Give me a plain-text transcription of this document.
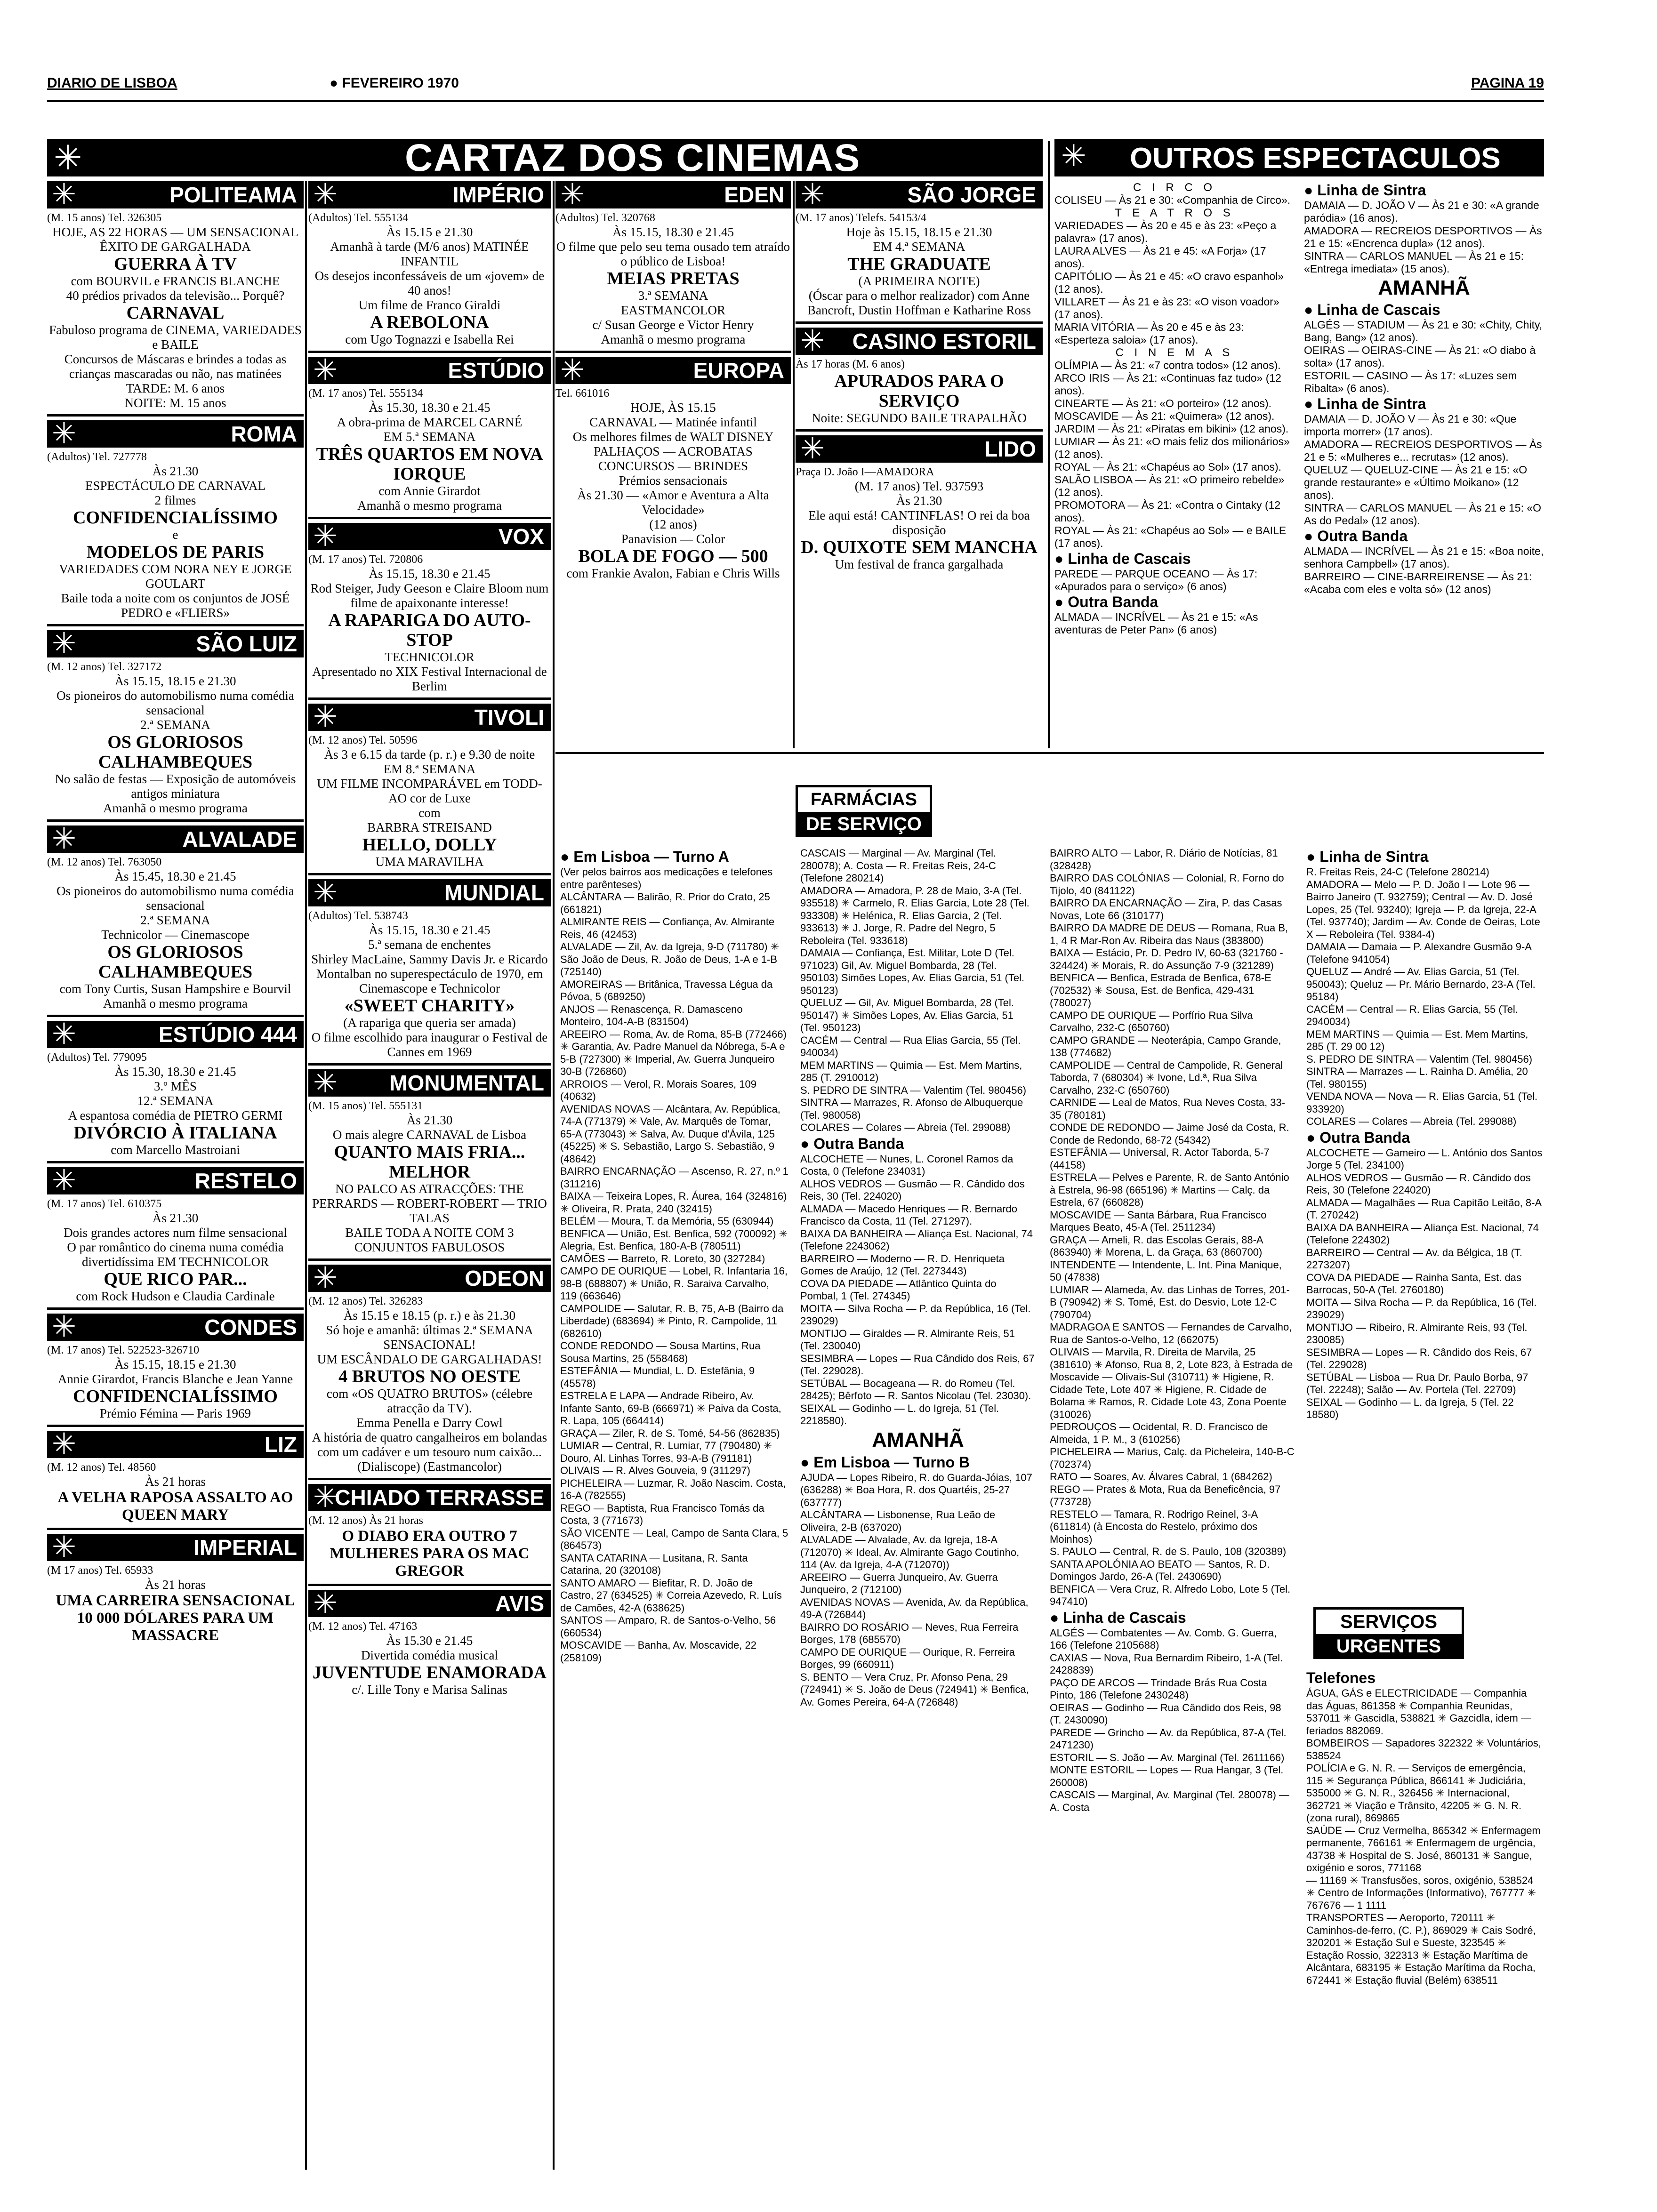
DIARIO DE LISBOA	● FEVEREIRO 1970	PAGINA 19
✳	CARTAZ DOS CINEMAS	✳ OUTROS ESPECTACULOS
✳	POLITEAMA
(M. 15 anos) Tel. 326305
HOJE, AS 22 HORAS — UM SENSACIONAL ÊXITO DE GARGALHADA
GUERRA À TV
com BOURVIL e FRANCIS BLANCHE
40 prédios privados da televisão... Porquê?
CARNAVAL
Fabuloso programa de CINEMA, VARIEDADES e BAILE
Concursos de Máscaras e brindes a todas as crianças mascaradas ou não, nas matinées
TARDE: M. 6 anos
NOITE: M. 15 anos
✳	ROMA
(Adultos) Tel. 727778
Às 21.30
ESPECTÁCULO DE CARNAVAL
2 filmes
CONFIDENCIALÍSSIMO
e
MODELOS DE PARIS
VARIEDADES COM NORA NEY E JORGE GOULART
Baile toda a noite com os conjuntos de JOSÉ PEDRO e «FLIERS»
✳	SÃO LUIZ
(M. 12 anos) Tel. 327172
Às 15.15, 18.15 e 21.30
Os pioneiros do automobilismo numa comédia sensacional
2.ª SEMANA
OS GLORIOSOS CALHAMBEQUES
No salão de festas — Exposição de automóveis antigos miniatura
Amanhã o mesmo programa
✳	ALVALADE
(M. 12 anos) Tel. 763050
Às 15.45, 18.30 e 21.45
Os pioneiros do automobilismo numa comédia sensacional
2.ª SEMANA
Technicolor — Cinemascope
OS GLORIOSOS CALHAMBEQUES
com Tony Curtis, Susan Hampshire e Bourvil
Amanhã o mesmo programa
✳	ESTÚDIO 444
(Adultos) Tel. 779095
Às 15.30, 18.30 e 21.45
3.º MÊS
12.ª SEMANA
A espantosa comédia de PIETRO GERMI
DIVÓRCIO À ITALIANA
com Marcello Mastroiani
✳	RESTELO
(M. 17 anos) Tel. 610375
Às 21.30
Dois grandes actores num filme sensacional
O par romântico do cinema numa comédia divertidíssima EM TECHNICOLOR
QUE RICO PAR...
com Rock Hudson e Claudia Cardinale
✳	CONDES
(M. 17 anos) Tel. 522523-326710
Às 15.15, 18.15 e 21.30
Annie Girardot, Francis Blanche e Jean Yanne
CONFIDENCIALÍSSIMO
Prémio Fémina — Paris 1969
✳	LIZ
(M. 12 anos) Tel. 48560
Às 21 horas
A VELHA RAPOSA ASSALTO AO QUEEN MARY
✳	IMPERIAL
(M 17 anos) Tel. 65933
Às 21 horas
UMA CARREIRA SENSACIONAL 10 000 DÓLARES PARA UM MASSACRE
✳	IMPÉRIO
(Adultos) Tel. 555134
Às 15.15 e 21.30
Amanhã à tarde (M/6 anos) MATINÉE INFANTIL
Os desejos inconfessáveis de um «jovem» de 40 anos!
Um filme de Franco Giraldi
A REBOLONA
com Ugo Tognazzi e Isabella Rei
✳	ESTÚDIO
(M. 17 anos) Tel. 555134
Às 15.30, 18.30 e 21.45
A obra-prima de MARCEL CARNÉ
EM 5.ª SEMANA
TRÊS QUARTOS EM NOVA IORQUE
com Annie Girardot
Amanhã o mesmo programa
✳	VOX
(M. 17 anos) Tel. 720806
Às 15.15, 18.30 e 21.45
Rod Steiger, Judy Geeson e Claire Bloom num filme de apaixonante interesse!
A RAPARIGA DO AUTO-STOP
TECHNICOLOR
Apresentado no XIX Festival Internacional de Berlim
✳	TIVOLI
(M. 12 anos) Tel. 50596
Às 3 e 6.15 da tarde (p. r.) e 9.30 de noite
EM 8.ª SEMANA
UM FILME INCOMPARÁVEL em TODD-AO cor de Luxe
com
BARBRA STREISAND
HELLO, DOLLY
UMA MARAVILHA
✳	MUNDIAL
(Adultos) Tel. 538743
Às 15.15, 18.30 e 21.45
5.ª semana de enchentes
Shirley MacLaine, Sammy Davis Jr. e Ricardo Montalban no superespectáculo de 1970, em Cinemascope e Technicolor
«SWEET CHARITY»
(A rapariga que queria ser amada)
O filme escolhido para inaugurar o Festival de Cannes em 1969
✳ MONUMENTAL
(M. 15 anos) Tel. 555131
Às 21.30
O mais alegre CARNAVAL de Lisboa
QUANTO MAIS FRIA... MELHOR
NO PALCO AS ATRACÇÕES: THE PERRARDS — ROBERT-ROBERT — TRIO TALAS
BAILE TODA A NOITE COM 3 CONJUNTOS FABULOSOS
✳	ODEON
(M. 12 anos) Tel. 326283
Às 15.15 e 18.15 (p. r.) e às 21.30
Só hoje e amanhã: últimas 2.ª SEMANA SENSACIONAL!
UM ESCÂNDALO DE GARGALHADAS!
4 BRUTOS NO OESTE
com «OS QUATRO BRUTOS» (célebre atracção da TV).
Emma Penella e Darry Cowl
A história de quatro cangalheiros em bolandas com um cadáver e um tesouro num caixão...
(Dialiscope) (Eastmancolor)
✳
CHIADO TERRASSE
(M. 12 anos) Às 21 horas
O DIABO ERA OUTRO 7 MULHERES PARA OS MAC GREGOR
✳	AVIS
(M. 12 anos) Tel. 47163
Às 15.30 e 21.45
Divertida comédia musical
JUVENTUDE ENAMORADA
c/. Lille Tony e Marisa Salinas
✳	EDEN
(Adultos) Tel. 320768
Às 15.15, 18.30 e 21.45
O filme que pelo seu tema ousado tem atraído o público de Lisboa!
MEIAS PRETAS
3.ª SEMANA
EASTMANCOLOR
c/ Susan George e Victor Henry
Amanhã o mesmo programa
✳	EUROPA
Tel. 661016
HOJE, ÀS 15.15
CARNAVAL — Matinée infantil
Os melhores filmes de WALT DISNEY
PALHAÇOS — ACROBATAS CONCURSOS — BRINDES
Prémios sensacionais
Às 21.30 — «Amor e Aventura a Alta Velocidade»
(12 anos)
Panavision — Color
BOLA DE FOGO — 500
com Frankie Avalon, Fabian e Chris Wills
✳	SÃO JORGE
(M. 17 anos) Telefs. 54153/4
Hoje às 15.15, 18.15 e 21.30
EM 4.ª SEMANA
THE GRADUATE
(A PRIMEIRA NOITE)
(Óscar para o melhor realizador) com Anne Bancroft, Dustin Hoffman e Katharine Ross
✳ CASINO ESTORIL
Às 17 horas (M. 6 anos)
APURADOS PARA O SERVIÇO
Noite: SEGUNDO BAILE TRAPALHÃO
✳	LIDO
Praça D. João I—AMADORA
(M. 17 anos) Tel. 937593
Às 21.30
Ele aqui está! CANTINFLAS! O rei da boa disposição
D. QUIXOTE SEM MANCHA
Um festival de franca gargalhada
C I R C O
COLISEU — Às 21 e 30: «Companhia de Circo».
T E A T R O S
VARIEDADES — Às 20 e 45 e às 23: «Peço a palavra» (17 anos).
LAURA ALVES — Às 21 e 45: «A Forja» (17 anos).
CAPITÓLIO — Às 21 e 45: «O cravo espanhol» (12 anos).
VILLARET — Às 21 e às 23: «O vison voador» (17 anos).
MARIA VITÓRIA — Às 20 e 45 e às 23: «Esperteza saloia» (17 anos).
C I N E M A S
OLÍMPIA — Às 21: «7 contra todos» (12 anos).
ARCO IRIS — Às 21: «Continuas faz tudo» (12 anos).
CINEARTE — Às 21: «O porteiro» (12 anos).
MOSCAVIDE — Às 21: «Quimera» (12 anos).
JARDIM — Às 21: «Piratas em bikini» (12 anos).
LUMIAR — Às 21: «O mais feliz dos milionários» (12 anos).
ROYAL — Às 21: «Chapéus ao Sol» (17 anos).
SALÃO LISBOA — Às 21: «O primeiro rebelde» (12 anos).
PROMOTORA — Às 21: «Contra o Cintaky (12 anos).
ROYAL — Às 21: «Chapéus ao Sol» — e BAILE (17 anos).
● Linha de Cascais
PAREDE — PARQUE OCEANO — Às 17: «Apurados para o serviço» (6 anos)
● Outra Banda
ALMADA — INCRÍVEL — Às 21 e 15: «As aventuras de Peter Pan» (6 anos)
● Linha de Sintra
DAMAIA — D. JOÃO V — Às 21 e 30: «A grande paródia» (16 anos).
AMADORA — RECREIOS DESPORTIVOS — Às 21 e 15: «Encrenca dupla» (12 anos).
SINTRA — CARLOS MANUEL — Às 21 e 15: «Entrega imediata» (15 anos).
AMANHÃ
● Linha de Cascais
ALGÉS — STADIUM — Às 21 e 30: «Chity, Chity, Bang, Bang» (12 anos).
OEIRAS — OEIRAS-CINE — Às 21: «O diabo à solta» (17 anos).
ESTORIL — CASINO — Às 17: «Luzes sem Ribalta» (6 anos).
● Linha de Sintra
DAMAIA — D. JOÃO V — Às 21 e 30: «Que importa morrer» (17 anos).
AMADORA — RECREIOS DESPORTIVOS — Às 21 e 5: «Mulheres e... recrutas» (12 anos).
QUELUZ — QUELUZ-CINE — Às 21 e 15: «O grande restaurante» e «Último Moikano» (12 anos).
SINTRA — CARLOS MANUEL — Às 21 e 15: «O As do Pedal» (12 anos).
● Outra Banda
ALMADA — INCRÍVEL — Às 21 e 15: «Boa noite, senhora Campbell» (17 anos).
BARREIRO — CINE-BARREIRENSE — Às 21: «Acaba com eles e volta só» (12 anos)
FARMÁCIAS
DE SERVIÇO
● Em Lisboa — Turno A

(Ver pelos bairros aos medicações e telefones entre parênteses)

ALCÂNTARA — Balirão, R. Prior do Crato, 25 (661821)

ALMIRANTE REIS — Confiança, Av. Almirante Reis, 46 (42453)

ALVALADE — Zil, Av. da Igreja, 9-D (711780) ✳ São João de Deus, R. João de Deus, 1-A e 1-B (725140)

AMOREIRAS — Britânica, Travessa Légua da Póvoa, 5 (689250)

ANJOS — Renascença, R. Damasceno Monteiro, 104-A-B (831504)

AREEIRO — Roma, Av. de Roma, 85-B (772466) ✳ Garantia, Av. Padre Manuel da Nóbrega, 5-A e 5-B (727300) ✳ Imperial, Av. Guerra Junqueiro 30-B (726860)

ARROIOS — Verol, R. Morais Soares, 109 (40632)

AVENIDAS NOVAS — Alcântara, Av. República, 74-A (771379) ✳ Vale, Av. Marquês de Tomar, 65-A (773043) ✳ Salva, Av. Duque d'Ávila, 125 (45225) ✳ S. Sebastião, Largo S. Sebastião, 9 (48642)

BAIRRO ENCARNAÇÃO — Ascenso, R. 27, n.º 1 (311216)

BAIXA — Teixeira Lopes, R. Áurea, 164 (324816) ✳ Oliveira, R. Prata, 240 (32415)

BELÉM — Moura, T. da Memória, 55 (630944)

BENFICA — União, Est. Benfica, 592 (700092) ✳ Alegria, Est. Benfica, 180-A-B (780511)

CAMÕES — Barreto, R. Loreto, 30 (327284)

CAMPO DE OURIQUE — Lobel, R. Infantaria 16, 98-B (688807) ✳ União, R. Saraiva Carvalho, 119 (663646)

CAMPOLIDE — Salutar, R. B, 75, A-B (Bairro da Liberdade) (683694) ✳ Pinto, R. Campolide, 11 (682610)

CONDE REDONDO — Sousa Martins, Rua Sousa Martins, 25 (558468)

ESTEFÂNIA — Mundial, L. D. Estefânia, 9 (45578)

ESTRELA E LAPA — Andrade Ribeiro, Av. Infante Santo, 69-B (666971) ✳ Paiva da Costa, R. Lapa, 105 (664414)

GRAÇA — Ziler, R. de S. Tomé, 54-56 (862835)

LUMIAR — Central, R. Lumiar, 77 (790480) ✳ Douro, Al. Linhas Torres, 93-A-B (791181)

OLIVAIS — R. Alves Gouveia, 9 (311297)

PICHELEIRA — Luzmar, R. João Nascim. Costa, 16-A (782555)

REGO — Baptista, Rua Francisco Tomás da Costa, 3 (771673)

SÃO VICENTE — Leal, Campo de Santa Clara, 5 (864573)

SANTA CATARINA — Lusitana, R. Santa Catarina, 20 (320108)

SANTO AMARO — Biefitar, R. D. João de Castro, 27 (634525) ✳ Correia Azevedo, R. Luís de Camões, 42-A (638625)

SANTOS — Amparo, R. de Santos-o-Velho, 56 (660534)

MOSCAVIDE — Banha, Av. Moscavide, 22 (258109)

CASCAIS — Marginal — Av. Marginal (Tel. 280078); A. Costa — R. Freitas Reis, 24-C (Telefone 280214)

AMADORA — Amadora, P. 28 de Maio, 3-A (Tel. 935518) ✳ Carmelo, R. Elias Garcia, Lote 28 (Tel. 933308) ✳ Helénica, R. Elias Garcia, 2 (Tel. 933613) ✳ J. Jorge, R. Padre del Negro, 5 Reboleira (Tel. 933618)

DAMAIA — Confiança, Est. Militar, Lote D (Tel. 971023) Gil, Av. Miguel Bombarda, 28 (Tel. 950103) Simões Lopes, Av. Elias Garcia, 51 (Tel. 950123)

QUELUZ — Gil, Av. Miguel Bombarda, 28 (Tel. 950147) ✳ Simões Lopes, Av. Elias Garcia, 51 (Tel. 950123)

CACÉM — Central — Rua Elias Garcia, 55 (Tel. 940034)

MEM MARTINS — Quimia — Est. Mem Martins, 285 (T. 2910012)

S. PEDRO DE SINTRA — Valentim (Tel. 980456)

SINTRA — Marrazes, R. Afonso de Albuquerque (Tel. 980058)

COLARES — Colares — Abreia (Tel. 299088)

● Outra Banda

ALCOCHETE — Nunes, L. Coronel Ramos da Costa, 0 (Telefone 234031)

ALHOS VEDROS — Gusmão — R. Cândido dos Reis, 30 (Tel. 224020)

ALMADA — Macedo Henriques — R. Bernardo Francisco da Costa, 11 (Tel. 271297).

BAIXA DA BANHEIRA — Aliança Est. Nacional, 74 (Telefone 2243062)

BARREIRO — Moderno — R. D. Henriqueta Gomes de Araújo, 12 (Tel. 2273443)

COVA DA PIEDADE — Atlântico Quinta do Pombal, 1 (Tel. 274345)

MOITA — Silva Rocha — P. da República, 16 (Tel. 239029)

MONTIJO — Giraldes — R. Almirante Reis, 51 (Tel. 230040)

SESIMBRA — Lopes — Rua Cândido dos Reis, 67 (Tel. 229028).

SETÚBAL — Bocageana — R. do Romeu (Tel. 28425); Bêrfoto — R. Santos Nicolau (Tel. 23030).

SEIXAL — Godinho — L. do Igreja, 51 (Tel. 2218580).

AMANHÃ
● Em Lisboa — Turno B

AJUDA — Lopes Ribeiro, R. do Guarda-Jóias, 107 (636288) ✳ Boa Hora, R. dos Quartéis, 25-27 (637777)

ALCÂNTARA — Lisbonense, Rua Leão de Oliveira, 2-B (637020)

ALVALADE — Alvalade, Av. da Igreja, 18-A (712070) ✳ Ideal, Av. Almirante Gago Coutinho, 114 (Av. da Igreja, 4-A (712070))

AREEIRO — Guerra Junqueiro, Av. Guerra Junqueiro, 2 (712100)

AVENIDAS NOVAS — Avenida, Av. da República, 49-A (726844)

BAIRRO DO ROSÁRIO — Neves, Rua Ferreira Borges, 178 (685570)

CAMPO DE OURIQUE — Ourique, R. Ferreira Borges, 99 (660911)

S. BENTO — Vera Cruz, Pr. Afonso Pena, 29 (724941) ✳ S. João de Deus (724941) ✳ Benfica, Av. Gomes Pereira, 64-A (726848)

BAIRRO ALTO — Labor, R. Diário de Notícias, 81 (328428)

BAIRRO DAS COLÓNIAS — Colonial, R. Forno do Tijolo, 40 (841122)

BAIRRO DA ENCARNAÇÃO — Zira, P. das Casas Novas, Lote 66 (310177)

BAIRRO DA MADRE DE DEUS — Romana, Rua B, 1, 4 R Mar-Ron Av. Ribeira das Naus (383800)

BAIXA — Estácio, Pr. D. Pedro IV, 60-63 (321760 - 324424) ✳ Morais, R. do Assunção 7-9 (321289)

BENFICA — Benfica, Estrada de Benfica, 678-E (702532) ✳ Sousa, Est. de Benfica, 429-431 (780027)

CAMPO DE OURIQUE — Porfírio Rua Silva Carvalho, 232-C (650760)

CAMPO GRANDE — Neoterápia, Campo Grande, 138 (774682)

CAMPOLIDE — Central de Campolide, R. General Taborda, 7 (680304) ✳ Ivone, Ld.ª, Rua Silva Carvalho, 232-C (650760)

CARNIDE — Leal de Matos, Rua Neves Costa, 33-35 (780181)

CONDE DE REDONDO — Jaime José da Costa, R. Conde de Redondo, 68-72 (54342)

ESTEFÂNIA — Universal, R. Actor Taborda, 5-7 (44158)

ESTRELA — Pelves e Parente, R. de Santo António à Estrela, 96-98 (665196) ✳ Martins — Calç. da Estrela, 67 (660828)

MOSCAVIDE — Santa Bárbara, Rua Francisco Marques Beato, 45-A (Tel. 2511234)

GRAÇA — Ameli, R. das Escolas Gerais, 88-A (863940) ✳ Morena, L. da Graça, 63 (860700)

INTENDENTE — Intendente, L. Int. Pina Manique, 50 (47838)

LUMIAR — Alameda, Av. das Linhas de Torres, 201-B (790942) ✳ S. Tomé, Est. do Desvio, Lote 12-C (790704)

MADRAGOA E SANTOS — Fernandes de Carvalho, Rua de Santos-o-Velho, 12 (662075)

OLIVAIS — Marvila, R. Direita de Marvila, 25 (381610) ✳ Afonso, Rua 8, 2, Lote 823, à Estrada de Moscavide — Olivais-Sul (310711) ✳ Higiene, R. Cidade Tete, Lote 407 ✳ Higiene, R. Cidade de Bolama ✳ Ramos, R. Cidade Lote 43, Zona Poente (310026)

PEDROUÇOS — Ocidental, R. D. Francisco de Almeida, 1 P. M., 3 (610256)

PICHELEIRA — Marius, Calç. da Picheleira, 140-B-C (702374)

RATO — Soares, Av. Álvares Cabral, 1 (684262)

REGO — Prates & Mota, Rua da Beneficência, 97 (773728)

RESTELO — Tamara, R. Rodrigo Reinel, 3-A (611814) (à Encosta do Restelo, próximo dos Moinhos)

S. PAULO — Central, R. de S. Paulo, 108 (320389)

SANTA APOLÓNIA AO BEATO — Santos, R. D. Domingos Jardo, 26-A (Tel. 2430690)

BENFICA — Vera Cruz, R. Alfredo Lobo, Lote 5 (Tel. 947410)

● Linha de Cascais

ALGÉS — Combatentes — Av. Comb. G. Guerra, 166 (Telefone 2105688)

CAXIAS — Nova, Rua Bernardim Ribeiro, 1-A (Tel. 2428839)

PAÇO DE ARCOS — Trindade Brás Rua Costa Pinto, 186 (Telefone 2430248)

OEIRAS — Godinho — Rua Cândido dos Reis, 98 (T. 2430090)

PAREDE — Grincho — Av. da República, 87-A (Tel. 2471230)

ESTORIL — S. João — Av. Marginal (Tel. 2611166)

MONTE ESTORIL — Lopes — Rua Hangar, 3 (Tel. 260008)

CASCAIS — Marginal, Av. Marginal (Tel. 280078) — A. Costa

● Linha de Sintra

R. Freitas Reis, 24-C (Telefone 280214)

AMADORA — Melo — P. D. João I — Lote 96 — Bairro Janeiro (T. 932759); Central — Av. D. José Lopes, 25 (Tel. 93240); Igreja — P. da Igreja, 22-A (Tel. 937740); Jardim — Av. Conde de Oeiras, Lote X — Reboleira (Tel. 9384-4)

DAMAIA — Damaia — P. Alexandre Gusmão 9-A (Telefone 941054)

QUELUZ — André — Av. Elias Garcia, 51 (Tel. 950043); Queluz — Pr. Mário Bernardo, 23-A (Tel. 95184)

CACÉM — Central — R. Elias Garcia, 55 (Tel. 2940034)

MEM MARTINS — Quimia — Est. Mem Martins, 285 (T. 29 00 12)

S. PEDRO DE SINTRA — Valentim (Tel. 980456)

SINTRA — Marrazes — L. Rainha D. Amélia, 20 (Tel. 980155)

VENDA NOVA — Nova — R. Elias Garcia, 51 (Tel. 933920)

COLARES — Colares — Abreia (Tel. 299088)

● Outra Banda

ALCOCHETE — Gameiro — L. António dos Santos Jorge 5 (Tel. 234100)

ALHOS VEDROS — Gusmão — R. Cândido dos Reis, 30 (Telefone 224020)

ALMADA — Magalhães — Rua Capitão Leitão, 8-A (T. 270242)

BAIXA DA BANHEIRA — Aliança Est. Nacional, 74 (Telefone 224302)

BARREIRO — Central — Av. da Bélgica, 18 (T. 2273207)

COVA DA PIEDADE — Rainha Santa, Est. das Barrocas, 50-A (Tel. 2760180)

MOITA — Silva Rocha — P. da República, 16 (Tel. 239029)

MONTIJO — Ribeiro, R. Almirante Reis, 93 (Tel. 230085)

SESIMBRA — Lopes — R. Cândido dos Reis, 67 (Tel. 229028)

SETÚBAL — Lisboa — Rua Dr. Paulo Borba, 97 (Tel. 22248); Salão — Av. Portela (Tel. 22709)

SEIXAL — Godinho — L. da Igreja, 5 (Tel. 22 18580)

SERVIÇOS
URGENTES

Telefones

ÁGUA, GÁS e ELECTRICIDADE — Companhia das Águas, 861358 ✳ Companhia Reunidas, 537011 ✳ Gascidla, 538821 ✳ Gazcidla, idem — feriados 882069.

BOMBEIROS — Sapadores 322322 ✳ Voluntários, 538524

POLÍCIA e G. N. R. — Serviços de emergência, 115 ✳ Segurança Pública, 866141 ✳ Judiciária, 535000 ✳ G. N. R., 326456 ✳ Internacional, 362721 ✳ Viação e Trânsito, 42205 ✳ G. N. R. (zona rural), 869865

SAÚDE — Cruz Vermelha, 865342 ✳ Enfermagem permanente, 766161 ✳ Enfermagem de urgência, 43738 ✳ Hospital de S. José, 860131 ✳ Sangue, oxigénio e soros, 771168

— 11169 ✳ Transfusões, soros, oxigénio, 538524 ✳ Centro de Informações (Informativo), 767777 ✳ 767676 — 1 1111

TRANSPORTES — Aeroporto, 720111 ✳ Caminhos-de-ferro, (C. P.), 869029 ✳ Cais Sodré, 320201 ✳ Estação Sul e Sueste, 323545 ✳ Estação Rossio, 322313 ✳ Estação Marítima de Alcântara, 683195 ✳ Estação Marítima da Rocha, 672441 ✳ Estação fluvial (Belém) 638511
